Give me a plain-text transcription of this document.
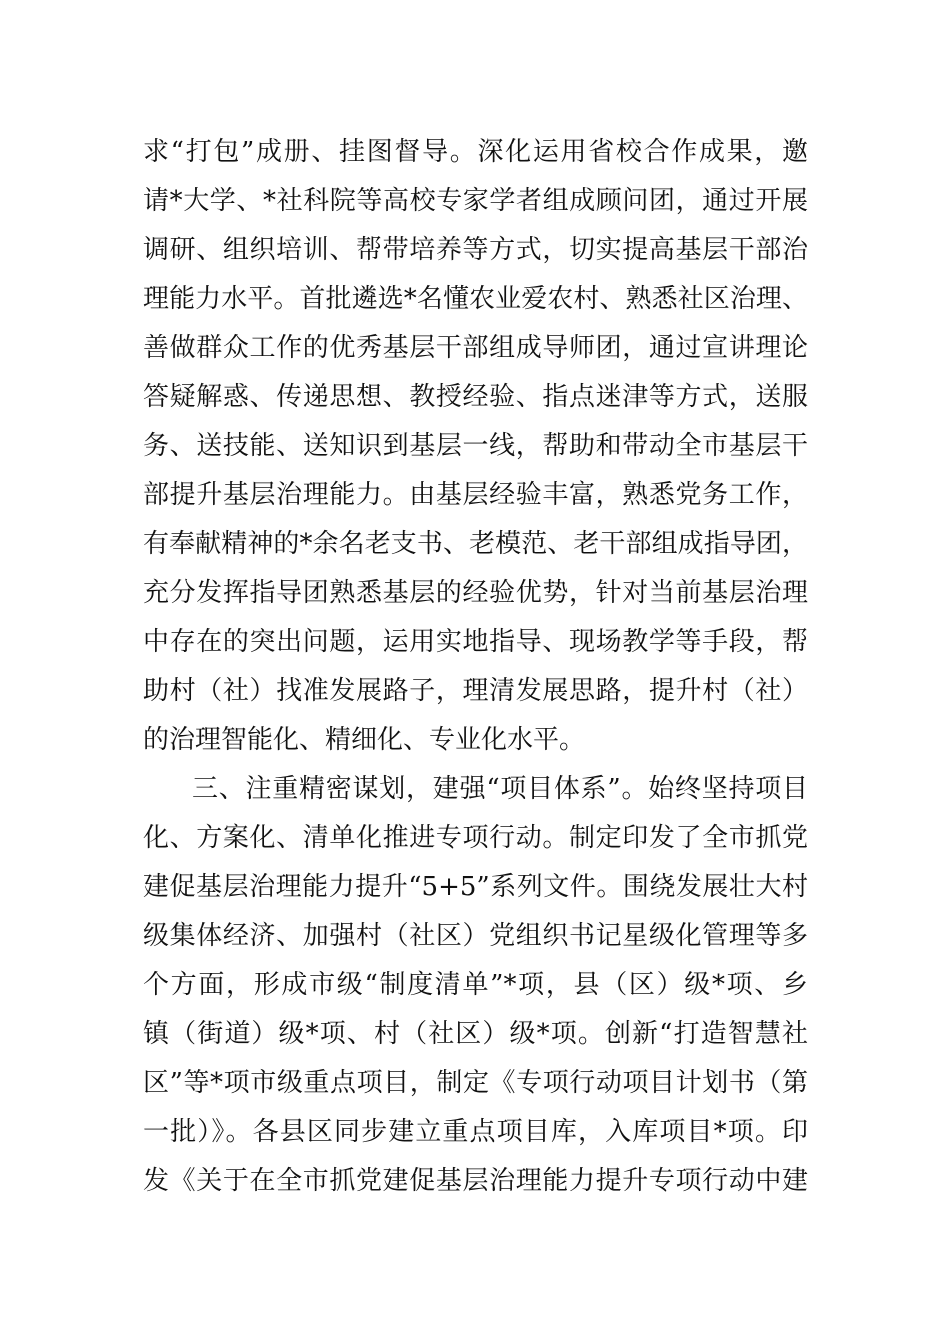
求“打包”成册、挂图督导。深化运用省校合作成果，邀
请*大学、*社科院等高校专家学者组成顾问团，通过开展
调研、组织培训、帮带培养等方式，切实提高基层干部治
理能力水平。首批遴选*名懂农业爱农村、熟悉社区治理、
善做群众工作的优秀基层干部组成导师团，通过宣讲理论
答疑解惑、传递思想、教授经验、指点迷津等方式，送服
务、送技能、送知识到基层一线，帮助和带动全市基层干
部提升基层治理能力。由基层经验丰富，熟悉党务工作，
有奉献精神的*余名老支书、老模范、老干部组成指导团，
充分发挥指导团熟悉基层的经验优势，针对当前基层治理
中存在的突出问题，运用实地指导、现场教学等手段，帮
助村（社）找准发展路子，理清发展思路，提升村（社）
的治理智能化、精细化、专业化水平。
三、注重精密谋划，建强“项目体系”。始终坚持项目
化、方案化、清单化推进专项行动。制定印发了全市抓党
建促基层治理能力提升“5+5”系列文件。围绕发展壮大村
级集体经济、加强村（社区）党组织书记星级化管理等多
个方面，形成市级“制度清单”*项，县（区）级*项、乡
镇（街道）级*项、村（社区）级*项。创新“打造智慧社
区”等*项市级重点项目，制定《专项行动项目计划书（第
一批）》。各县区同步建立重点项目库，入库项目*项。印
发《关于在全市抓党建促基层治理能力提升专项行动中建
